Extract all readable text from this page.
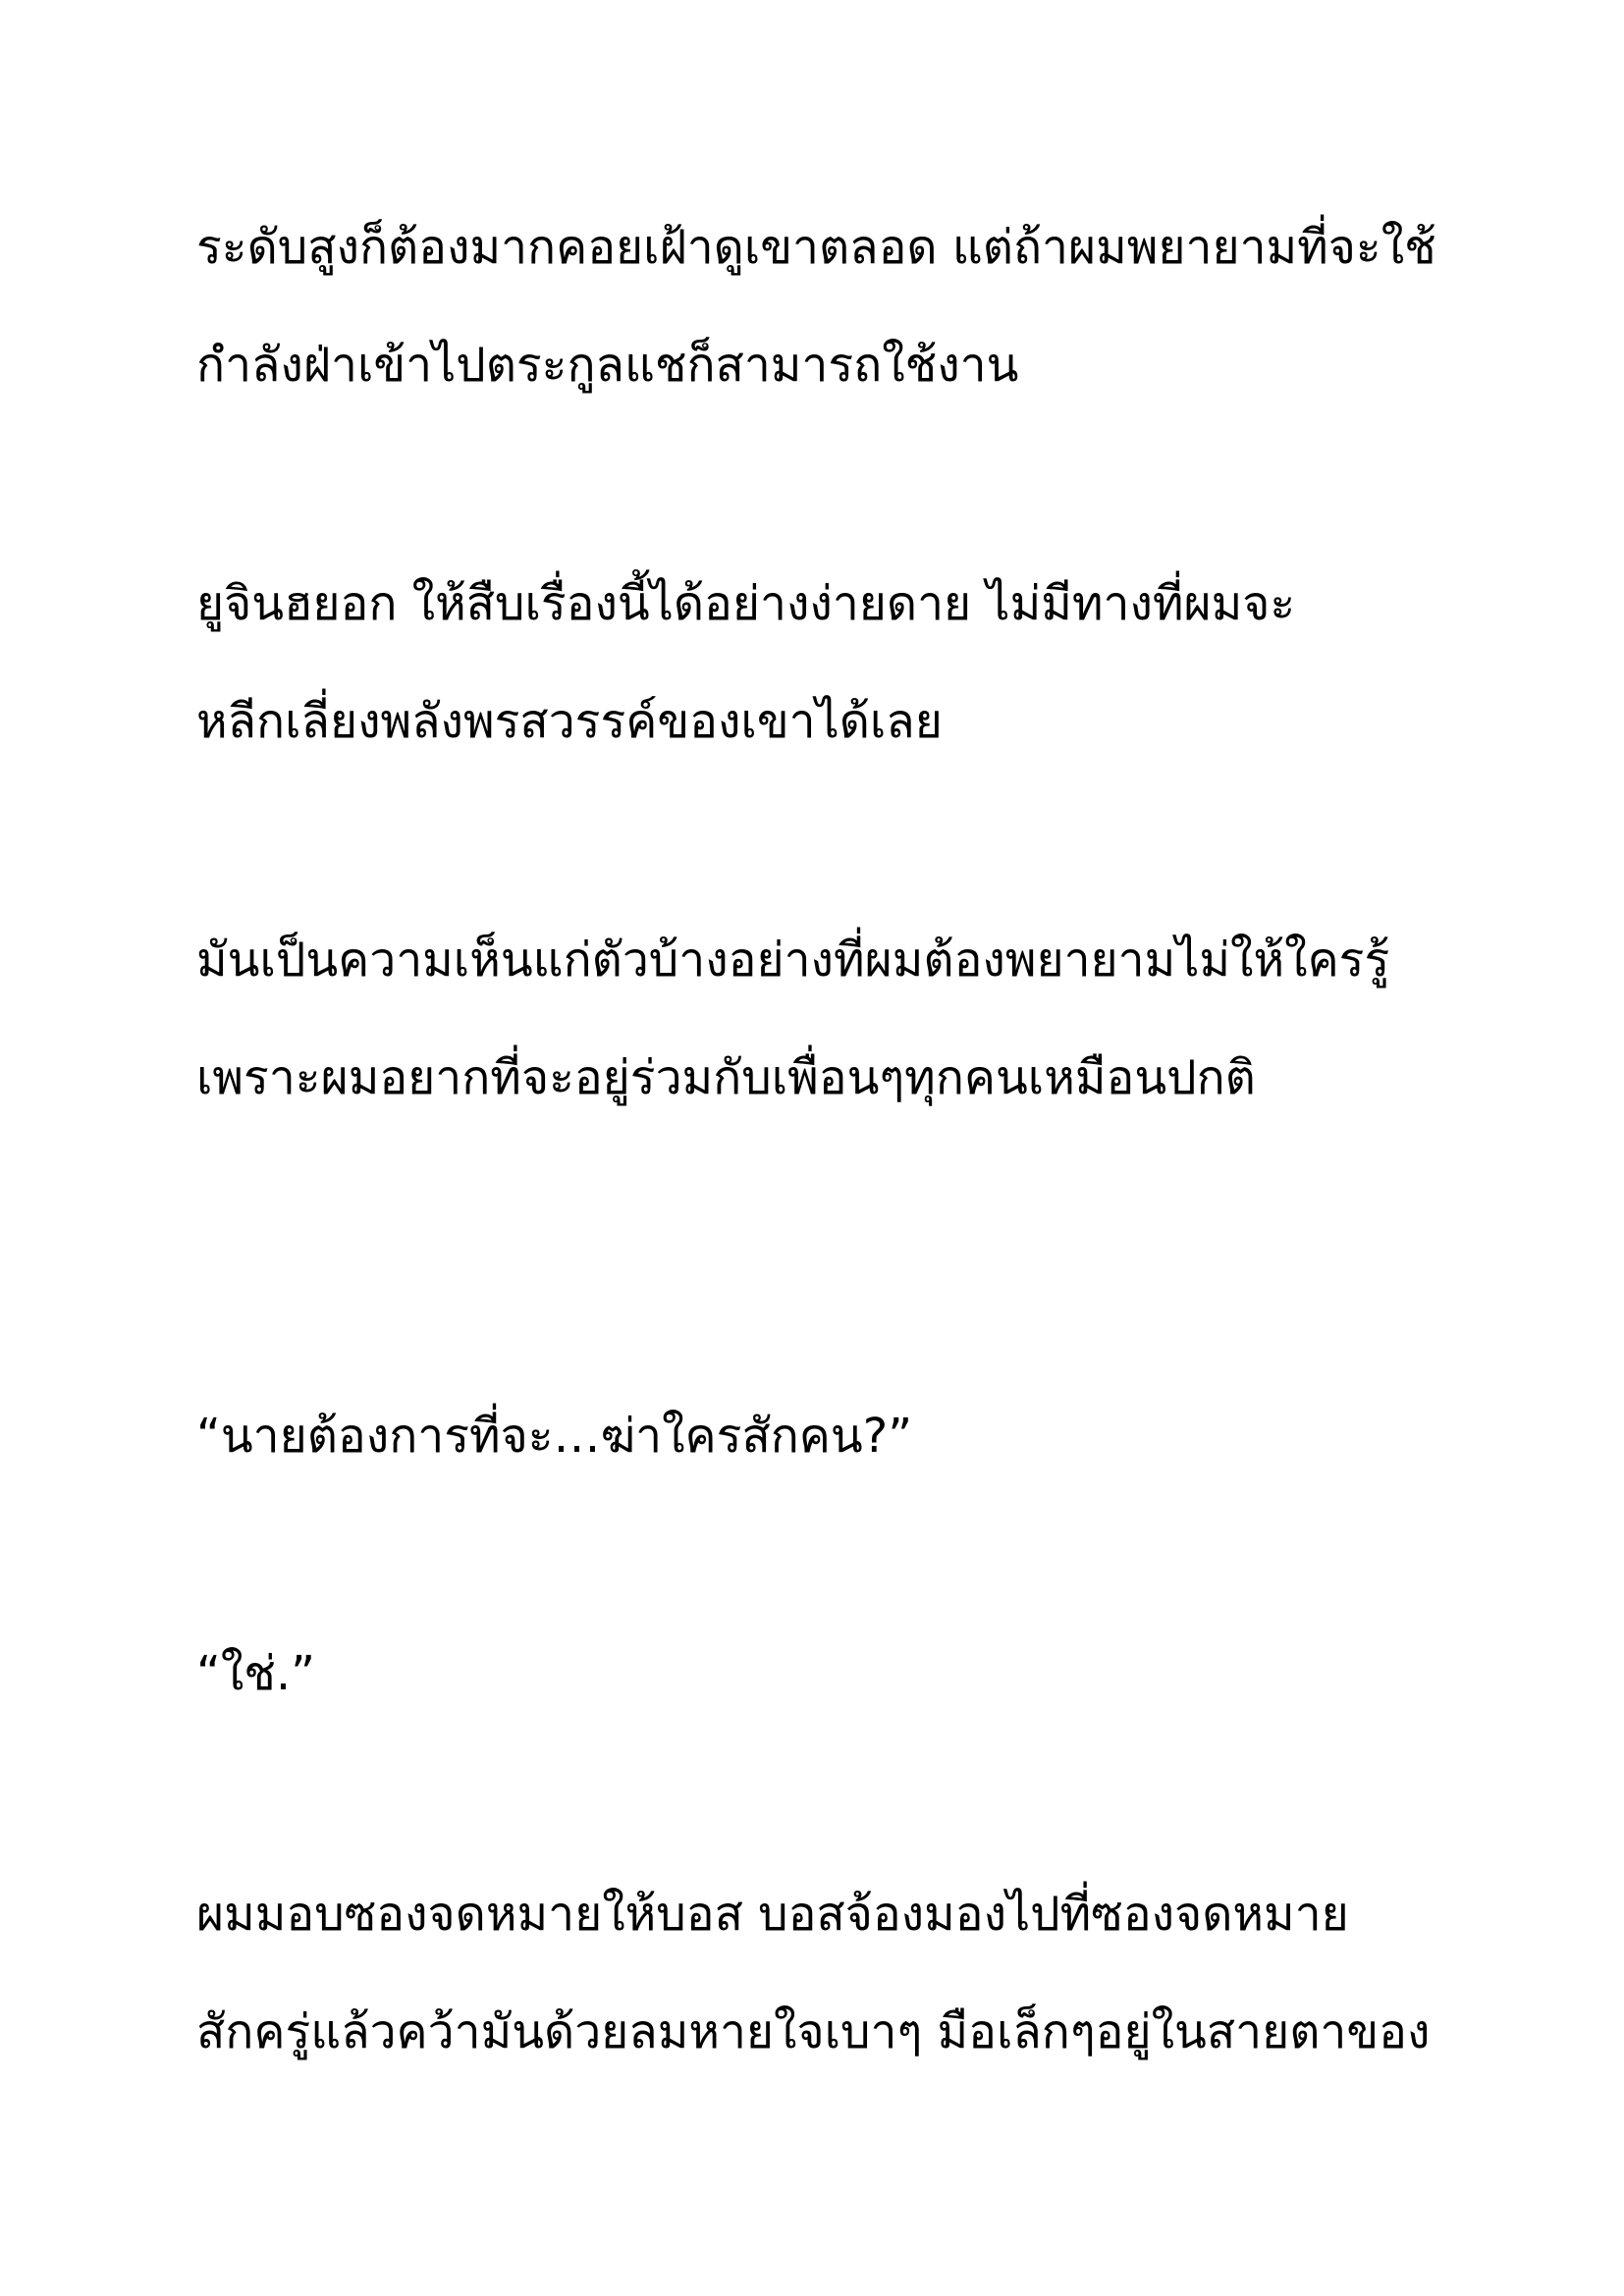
ระดับสูงก็ต้องมากคอยเฝ้าดูเขาตลอด แต่ถ้าผมพยายามที่จะใช้
กำลังฝ่าเข้าไปตระกูลแชก็สามารถใช้งาน
ยูจินฮยอก ให้สืบเรื่องนี้ได้อย่างง่ายดาย ไม่มีทางที่ผมจะ
หลีกเลี่ยงพลังพรสวรรค์ของเขาได้เลย
มันเป็นความเห็นแก่ตัวบ้างอย่างที่ผมต้องพยายามไม่ให้ใครรู้
เพราะผมอยากที่จะอยู่ร่วมกับเพื่อนๆทุกคนเหมือนปกติ
“นายต้องการที่จะ…ฆ่าใครสักคน?”
“ใช่.”
ผมมอบซองจดหมายให้บอส บอสจ้องมองไปที่ซองจดหมาย
สักครู่แล้วคว้ามันด้วยลมหายใจเบาๆ มือเล็กๆอยู่ในสายตาของ
